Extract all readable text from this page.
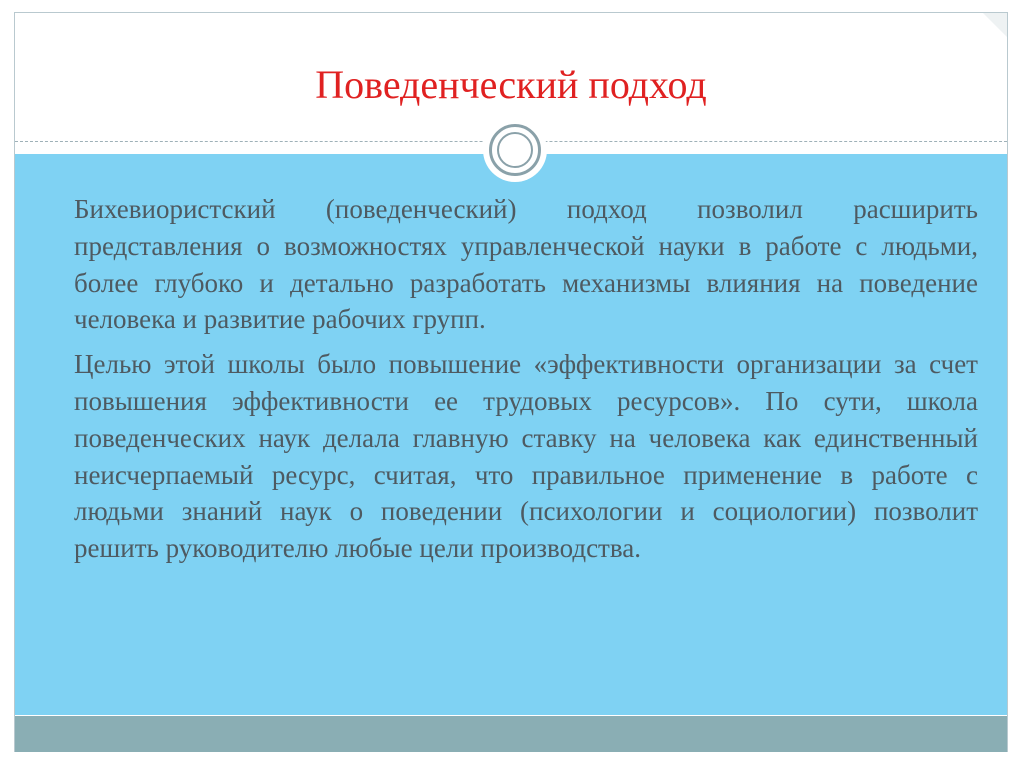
Поведенческий подход

Бихевиористский (поведенческий) подход позволил расширить представления о возможностях управленческой науки в работе с людьми, более глубоко и детально разработать механизмы влияния на поведение человека и развитие рабочих групп.

Целью этой школы было повышение «эффективности организации за счет повышения эффективности ее трудовых ресурсов». По сути, школа поведенческих наук делала главную ставку на человека как единственный неисчерпаемый ресурс, считая, что правильное применение в работе с людьми знаний наук о поведении (психологии и социологии) позволит решить руководителю любые цели производства.
